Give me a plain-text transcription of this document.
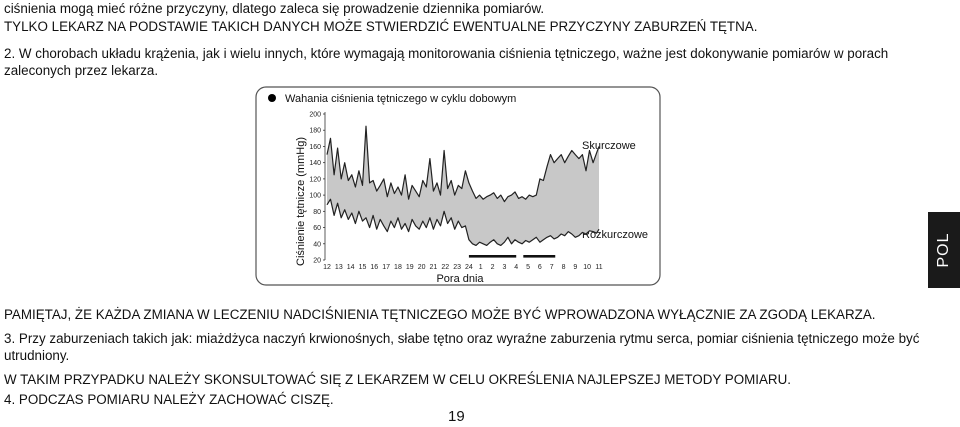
ciśnienia mogą mieć różne przyczyny, dlatego zaleca się prowadzenie dziennika pomiarów.
TYLKO LEKARZ NA PODSTAWIE TAKICH DANYCH MOŻE STWIERDZIĆ EWENTUALNE PRZYCZYNY ZABURZEŃ TĘTNA.
2. W chorobach układu krążenia, jak i wielu innych, które wymagają monitorowania ciśnienia tętniczego, ważne jest dokonywanie pomiarów w porach
zaleconych przez lekarza.
Wahania ciśnienia tętniczego w cyklu dobowym
Ciśnienie tętnicze (mmHg)
Pora dnia
Skurczowe
Rozkurczowe
20
40
60
80
100
120
140
160
180
200
12 13 14 15 16 17 18 19 20 21 22 23 24 1 2 3 4 5 6 7 8 9 10 11
PAMIĘTAJ, ŻE KAŻDA ZMIANA W LECZENIU NADCIŚNIENIA TĘTNICZEGO MOŻE BYĆ WPROWADZONA WYŁĄCZNIE ZA ZGODĄ LEKARZA.
3. Przy zaburzeniach takich jak: miażdżyca naczyń krwionośnych, słabe tętno oraz wyraźne zaburzenia rytmu serca, pomiar ciśnienia tętniczego może być
utrudniony.
W TAKIM PRZYPADKU NALEŻY SKONSULTOWAĆ SIĘ Z LEKARZEM W CELU OKREŚLENIA NAJLEPSZEJ METODY POMIARU.
4. PODCZAS POMIARU NALEŻY ZACHOWAĆ CISZĘ.
19
POL
